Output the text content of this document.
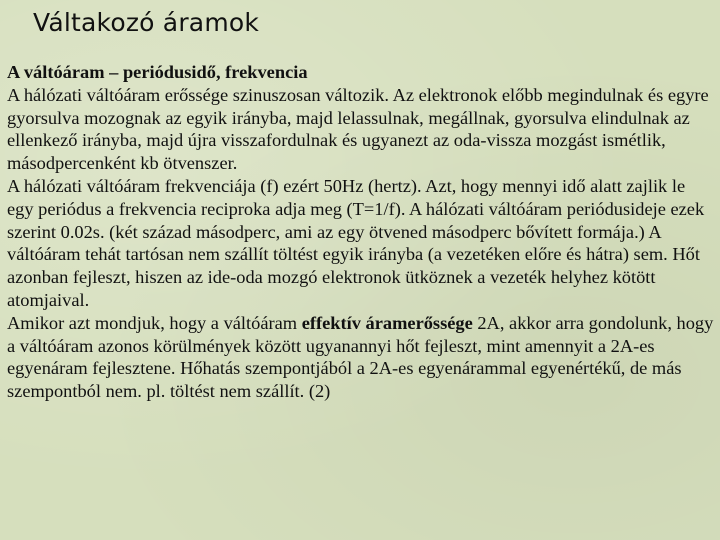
Váltakozó áramok

A váltóáram – periódusidő, frekvencia

A hálózati váltóáram erőssége szinuszosan változik. Az elektronok előbb megindulnak és egyre gyorsulva mozognak az egyik irányba, majd lelassulnak, megállnak, gyorsulva elindulnak az ellenkező irányba, majd újra visszafordulnak és ugyanezt az oda-vissza mozgást ismétlik, másodpercenként kb ötvenszer.

A hálózati váltóáram frekvenciája (f) ezért 50Hz (hertz). Azt, hogy mennyi idő alatt zajlik le egy periódus a frekvencia reciproka adja meg (T=1/f). A hálózati váltóáram periódusideje ezek szerint 0.02s. (két század másodperc, ami az egy ötvened másodperc bővített formája.) A váltóáram tehát tartósan nem szállít töltést egyik irányba (a vezetéken előre és hátra) sem. Hőt azonban fejleszt, hiszen az ide-oda mozgó elektronok ütköznek a vezeték helyhez kötött atomjaival.

Amikor azt mondjuk, hogy a váltóáram effektív áramerőssége 2A, akkor arra gondolunk, hogy a váltóáram azonos körülmények között ugyanannyi hőt fejleszt, mint amennyit a 2A-es egyenáram fejlesztene. Hőhatás szempontjából a 2A-es egyenárammal egyenértékű, de más szempontból nem. pl. töltést nem szállít. (2)
